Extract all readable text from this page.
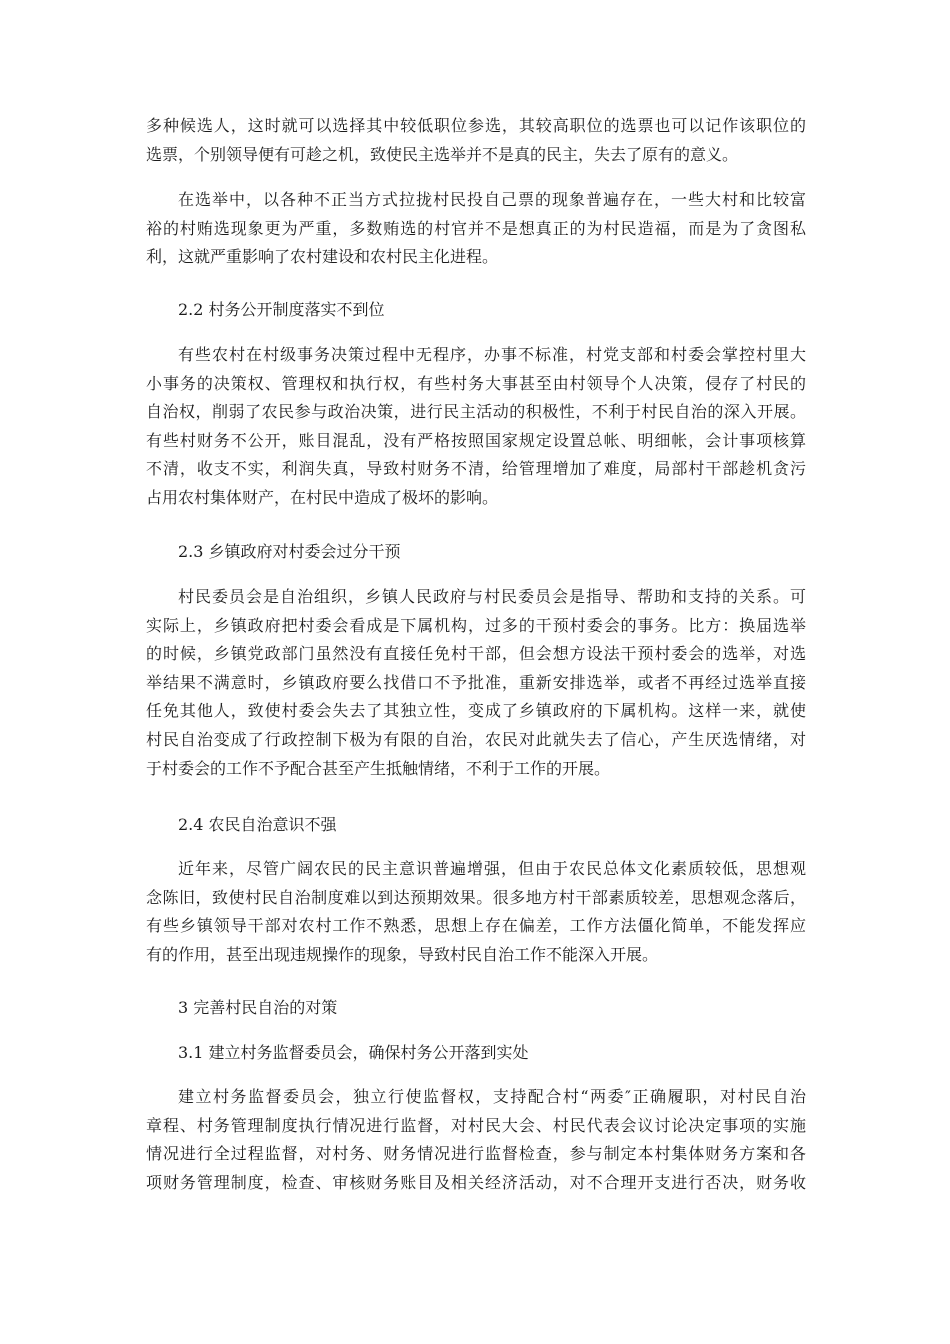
多种候选人，这时就可以选择其中较低职位参选，其较高职位的选票也可以记作该职位的
选票，个别领导便有可趁之机，致使民主选举并不是真的民主，失去了原有的意义。
在选举中，以各种不正当方式拉拢村民投自己票的现象普遍存在，一些大村和比较富
裕的村贿选现象更为严重，多数贿选的村官并不是想真正的为村民造福，而是为了贪图私
利，这就严重影响了农村建设和农村民主化进程。
2.2 村务公开制度落实不到位
有些农村在村级事务决策过程中无程序，办事不标准，村党支部和村委会掌控村里大
小事务的决策权、管理权和执行权，有些村务大事甚至由村领导个人决策，侵存了村民的
自治权，削弱了农民参与政治决策，进行民主活动的积极性，不利于村民自治的深入开展。
有些村财务不公开，账目混乱，没有严格按照国家规定设置总帐、明细帐，会计事项核算
不清，收支不实，利润失真，导致村财务不清，给管理增加了难度，局部村干部趁机贪污
占用农村集体财产，在村民中造成了极坏的影响。
2.3 乡镇政府对村委会过分干预
村民委员会是自治组织，乡镇人民政府与村民委员会是指导、帮助和支持的关系。可
实际上，乡镇政府把村委会看成是下属机构，过多的干预村委会的事务。比方：换届选举
的时候，乡镇党政部门虽然没有直接任免村干部，但会想方设法干预村委会的选举，对选
举结果不满意时，乡镇政府要么找借口不予批准，重新安排选举，或者不再经过选举直接
任免其他人，致使村委会失去了其独立性，变成了乡镇政府的下属机构。这样一来，就使
村民自治变成了行政控制下极为有限的自治，农民对此就失去了信心，产生厌选情绪，对
于村委会的工作不予配合甚至产生抵触情绪，不利于工作的开展。
2.4 农民自治意识不强
近年来，尽管广阔农民的民主意识普遍增强，但由于农民总体文化素质较低，思想观
念陈旧，致使村民自治制度难以到达预期效果。很多地方村干部素质较差，思想观念落后，
有些乡镇领导干部对农村工作不熟悉，思想上存在偏差，工作方法僵化简单，不能发挥应
有的作用，甚至出现违规操作的现象，导致村民自治工作不能深入开展。
3 完善村民自治的对策
3.1 建立村务监督委员会，确保村务公开落到实处
建立村务监督委员会，独立行使监督权，支持配合村“两委″正确履职，对村民自治
章程、村务管理制度执行情况进行监督，对村民大会、村民代表会议讨论决定事项的实施
情况进行全过程监督，对村务、财务情况进行监督检查，参与制定本村集体财务方案和各
项财务管理制度，检查、审核财务账目及相关经济活动，对不合理开支进行否决，财务收
